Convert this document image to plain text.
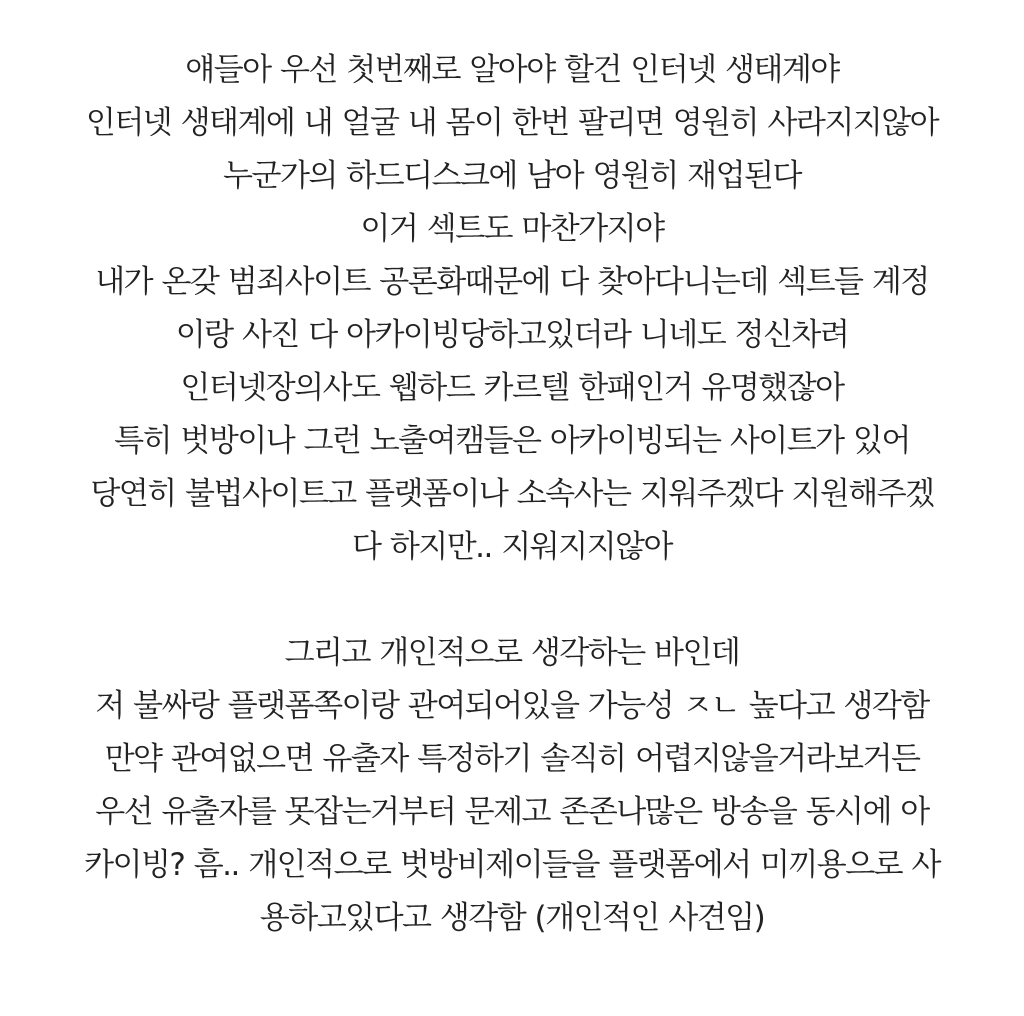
얘들아 우선 첫번째로 알아야 할건 인터넷 생태계야
인터넷 생태계에 내 얼굴 내 몸이 한번 팔리면 영원히 사라지지않아
누군가의 하드디스크에 남아 영원히 재업된다
이거 섹트도 마찬가지야
내가 온갖 범죄사이트 공론화때문에 다 찾아다니는데 섹트들 계정
이랑 사진 다 아카이빙당하고있더라 니네도 정신차려
인터넷장의사도 웹하드 카르텔 한패인거 유명했잖아
특히 벗방이나 그런 노출여캠들은 아카이빙되는 사이트가 있어
당연히 불법사이트고 플랫폼이나 소속사는 지워주겠다 지원해주겠
다 하지만.. 지워지지않아
그리고 개인적으로 생각하는 바인데
저 불싸랑 플랫폼쪽이랑 관여되어있을 가능성 ㅈㄴ 높다고 생각함
만약 관여없으면 유출자 특정하기 솔직히 어렵지않을거라보거든
우선 유출자를 못잡는거부터 문제고 존존나많은 방송을 동시에 아
카이빙? 흠.. 개인적으로 벗방비제이들을 플랫폼에서 미끼용으로 사
용하고있다고 생각함 (개인적인 사견임)
